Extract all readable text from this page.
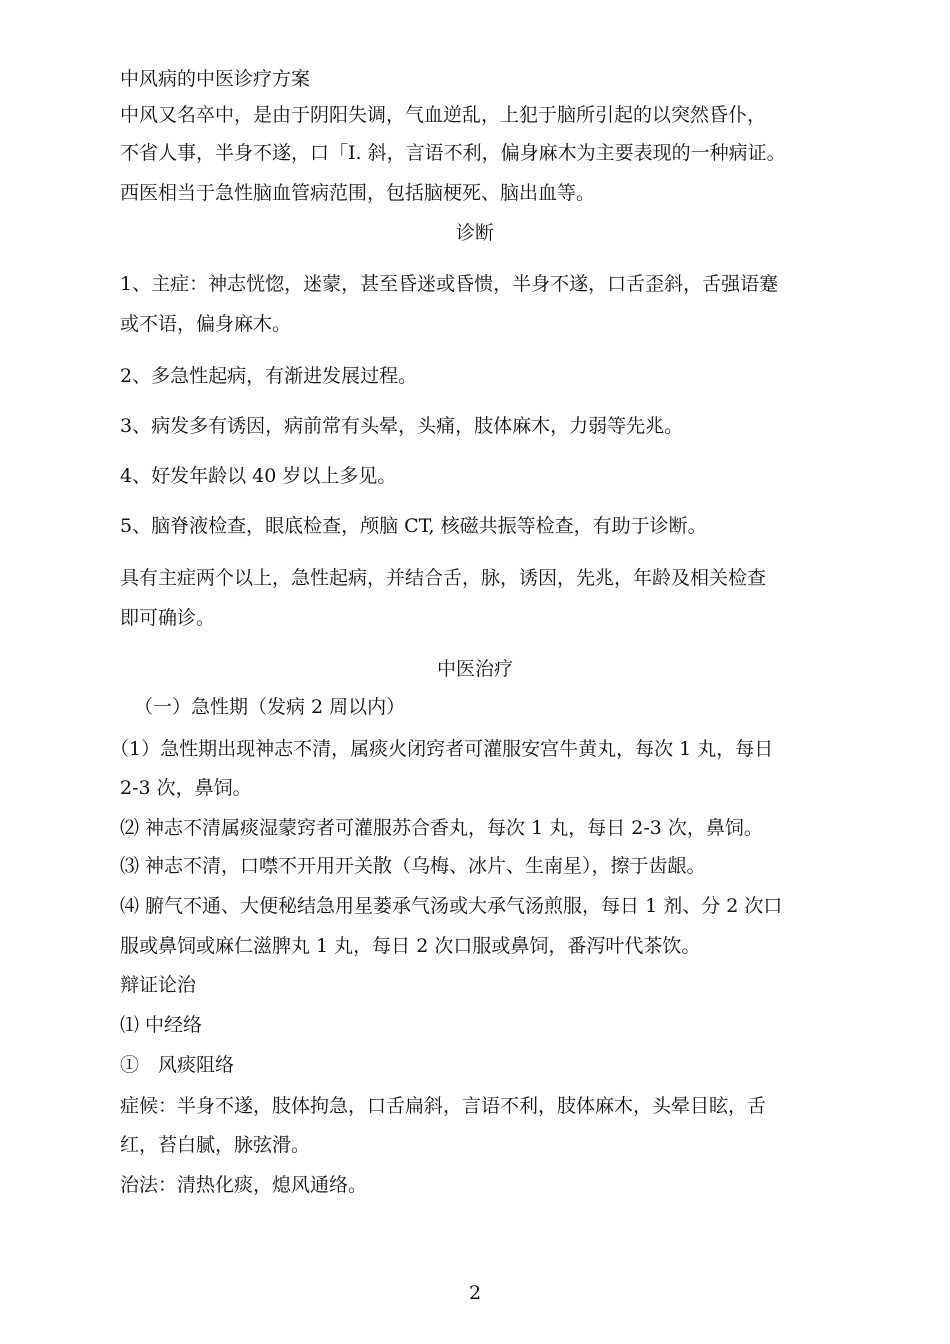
中风病的中医诊疗方案
中风又名卒中，是由于阴阳失调，气血逆乱，上犯于脑所引起的以突然昏仆，
不省人事，半身不遂，口「I. 斜，言语不利，偏身麻木为主要表现的一种病证。
西医相当于急性脑血管病范围，包括脑梗死、脑出血等。
诊断
1、主症：神志恍惚，迷蒙，甚至昏迷或昏愦，半身不遂，口舌歪斜，舌强语蹇
或不语，偏身麻木。
2、多急性起病，有渐进发展过程。
3、病发多有诱因，病前常有头晕，头痛，肢体麻木，力弱等先兆。
4、好发年龄以 40 岁以上多见。
5、脑脊液检查，眼底检查，颅脑 CT, 核磁共振等检查，有助于诊断。
具有主症两个以上，急性起病，并结合舌，脉，诱因，先兆，年龄及相关检查
即可确诊。
中医治疗
（一）急性期（发病 2 周以内）
（1）急性期出现神志不清，属痰火闭窍者可灌服安宫牛黄丸，每次 1 丸，每日
2-3 次，鼻饲。
⑵ 神志不清属痰湿蒙窍者可灌服苏合香丸，每次 1 丸，每日 2-3 次，鼻饲。
⑶ 神志不清，口噤不开用开关散（乌梅、冰片、生南星），擦于齿龈。
⑷ 腑气不通、大便秘结急用星蒌承气汤或大承气汤煎服，每日 1 剂、分 2 次口
服或鼻饲或麻仁滋脾丸 1 丸，每日 2 次口服或鼻饲，番泻叶代茶饮。
辩证论治
⑴ 中经络
①　风痰阻络
症候：半身不遂，肢体拘急，口舌扁斜，言语不利，肢体麻木，头晕目眩，舌
红，苔白腻，脉弦滑。
治法：清热化痰，熄风通络。
2
